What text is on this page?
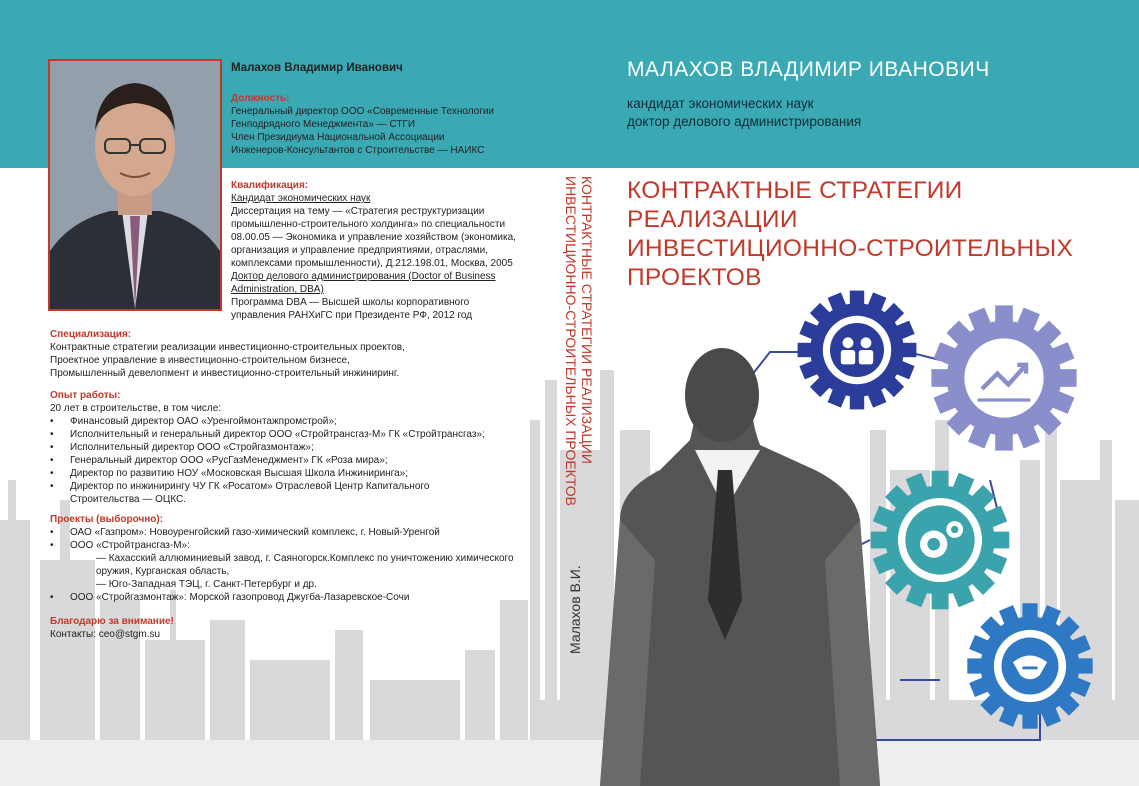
Малахов Владимир Иванович
Должность:
Генеральный директор ООО «Современные Технологии
Генподрядного Менеджмента» — СТГИ
Член Президиума Национальной Ассоциации
Инженеров-Консультантов с Строительстве — НАИКС
Квалификация:
Кандидат экономических наук
Диссертация на тему — «Стратегия реструктуризации
промышленно-строительного холдинга» по специальности
08.00.05 — Экономика и управление хозяйством (экономика,
организация и управление предприятиями, отраслями,
комплексами промышленности), Д.212.198.01, Москва, 2005
Доктор делового администрирования (Doctor of Business
Administration, DBA)
Программа DBA — Высшей школы корпоративного
управления РАНХиГС при Президенте РФ, 2012 год
Специализация:
Контрактные стратегии реализации инвестиционно-строительных проектов,
Проектное управление в инвестиционно-строительном бизнесе,
Промышленный девелопмент и инвестиционно-строительный инжиниринг.
Опыт работы:
20 лет в строительстве, в том числе:
• Финансовый директор ОАО «Уренгоймонтажпромстрой»;
• Исполнительный и генеральный директор ООО «Стройтрансгаз-М» ГК «Стройтрансгаз»;
• Исполнительный директор ООО «Стройгазмонтаж»;
• Генеральный директор ООО «РусГазМенеджмент» ГК «Роза мира»;
• Директор по развитию НОУ «Московская Высшая Школа Инжиниринга»;
• Директор по инжинирингу ЧУ ГК «Росатом» Отраслевой Центр Капитального
Строительства — ОЦКС.
Проекты (выборочно):
• ОАО «Газпром»: Новоуренгойский газо-химический комплекс, г. Новый-Уренгой
• ООО «Стройтрансгаз-М»:
— Кахасский аллюминиевый завод, г. Саяногорск.Комплекс по уничтожению химического
оружия, Курганская область,
— Юго-Западная ТЭЦ, г. Санкт-Петербург и др.
• ООО «Стройгазмонтаж»: Морской газопровод Джугба-Лазаревское-Сочи
Благодарю за внимание!
Контакты: ceo@stgm.su
КОНТРАКТНЫЕ СТРАТЕГИИ РЕАЛИЗАЦИИ
ИНВЕСТИЦИОННО-СТРОИТЕЛЬНЫХ ПРОЕКТОВ
Малахов В.И.
МАЛАХОВ ВЛАДИМИР ИВАНОВИЧ
кандидат экономических наук
доктор делового администрирования
КОНТРАКТНЫЕ СТРАТЕГИИ
РЕАЛИЗАЦИИ
ИНВЕСТИЦИОННО-СТРОИТЕЛЬНЫХ
ПРОЕКТОВ
